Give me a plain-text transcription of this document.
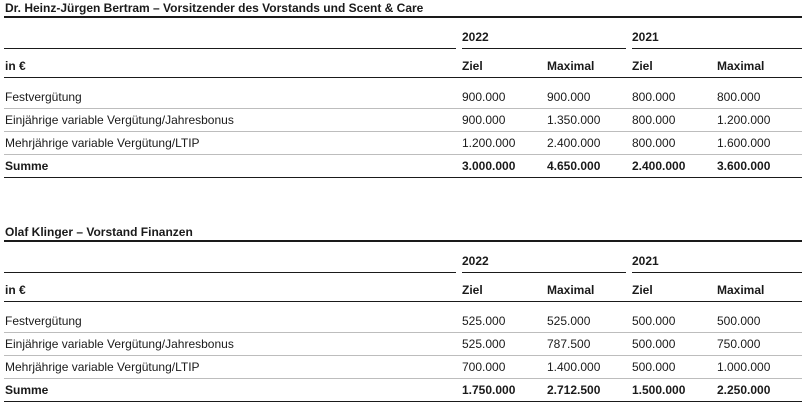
Dr. Heinz-Jürgen Bertram – Vorsitzender des Vorstands und Scent & Care
2022	2021
in €	Ziel	Maximal	Ziel	Maximal
Festvergütung	900.000	900.000	800.000	800.000
Einjährige variable Vergütung/Jahresbonus	900.000	1.350.000	800.000	1.200.000
Mehrjährige variable Vergütung/LTIP	1.200.000	2.400.000	800.000	1.600.000
Summe	3.000.000	4.650.000	2.400.000	3.600.000
Olaf Klinger – Vorstand Finanzen
2022	2021
in €	Ziel	Maximal	Ziel	Maximal
Festvergütung	525.000	525.000	500.000	500.000
Einjährige variable Vergütung/Jahresbonus	525.000	787.500	500.000	750.000
Mehrjährige variable Vergütung/LTIP	700.000	1.400.000	500.000	1.000.000
Summe	1.750.000	2.712.500	1.500.000	2.250.000
